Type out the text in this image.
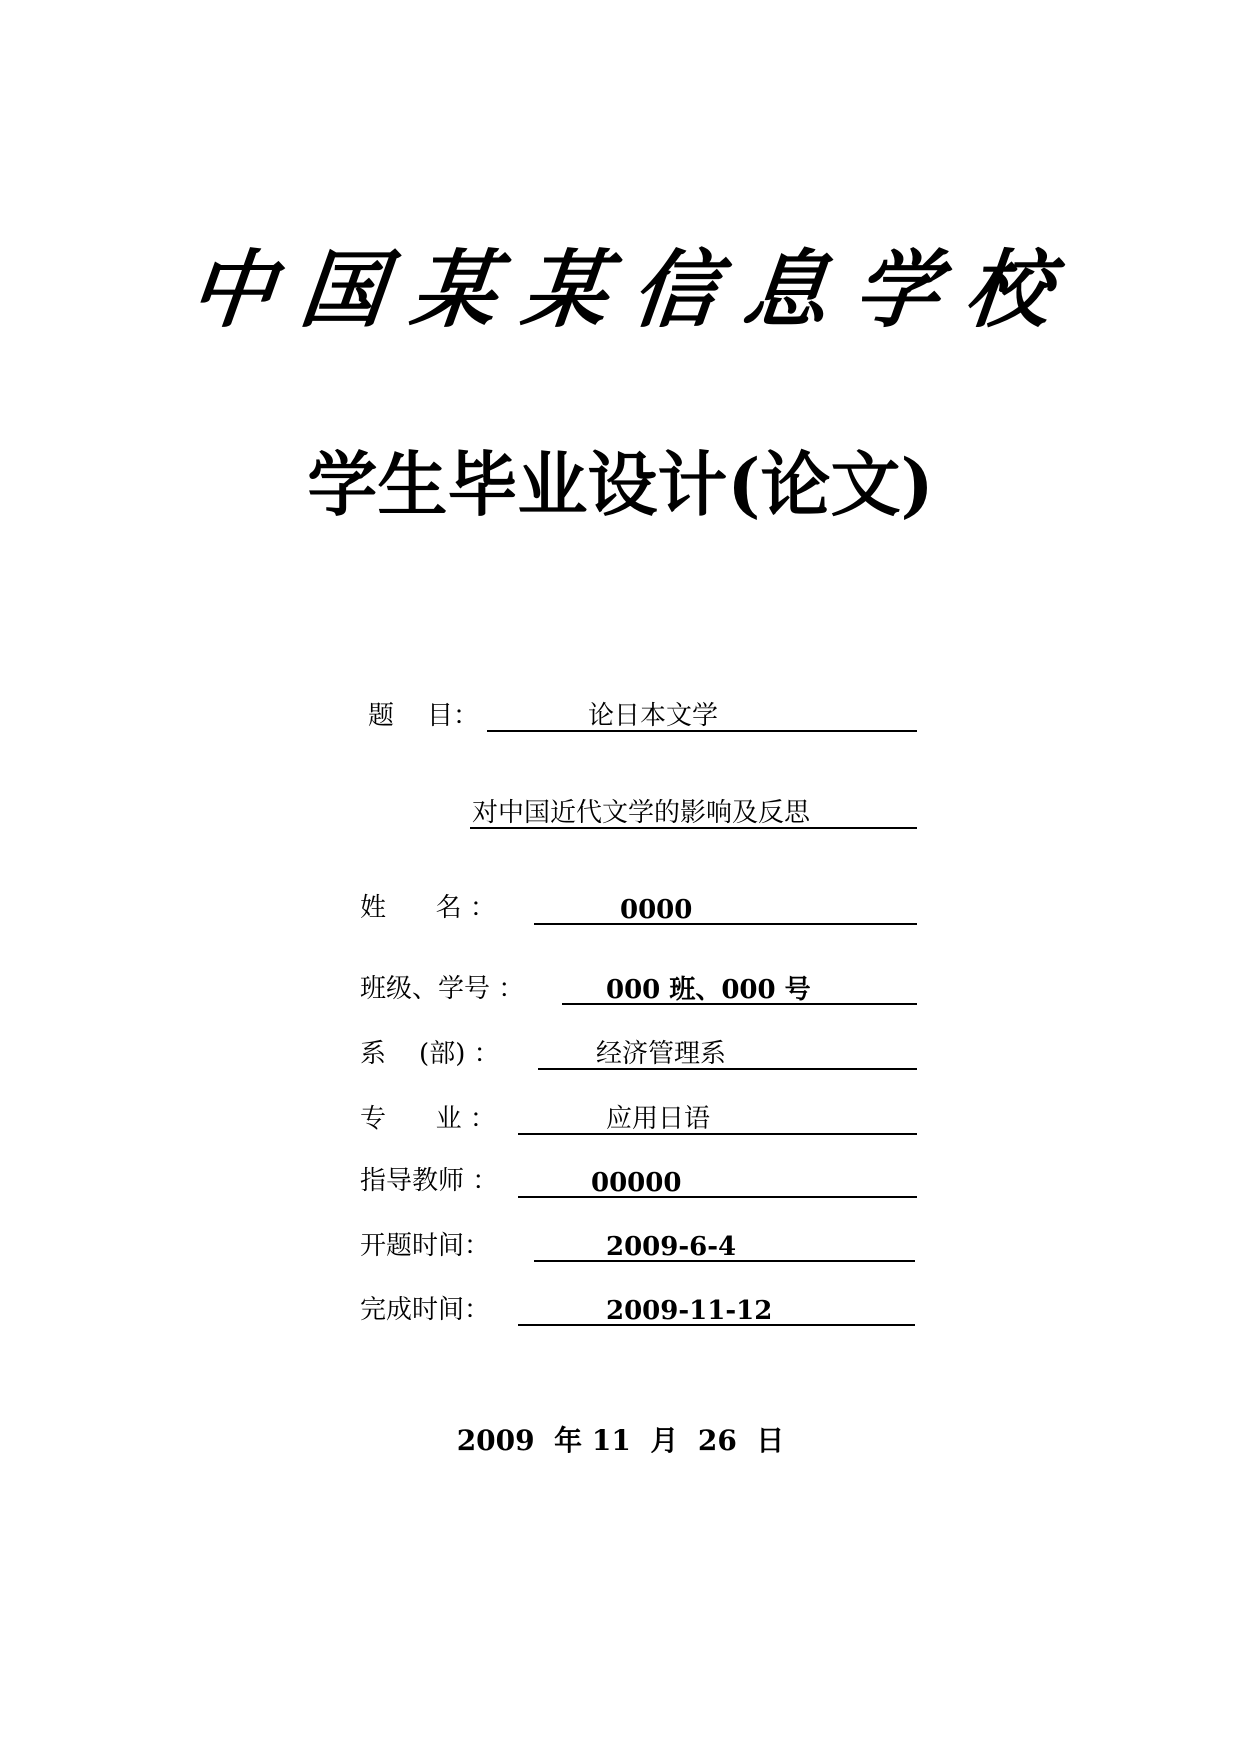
中 国 某 某 信 息 学 校
学生毕业设计(论文)
题    目：	论日本文学
对中国近代文学的影响及反思
姓      名 ：	0000
班级、学号 ：	000 班、000 号
系    (部) ：	经济管理系
专      业 ：	应用日语
指导教师 ：	00000
开题时间：	2009-6-4
完成时间：	2009-11-12
2009  年 11  月  26  日
